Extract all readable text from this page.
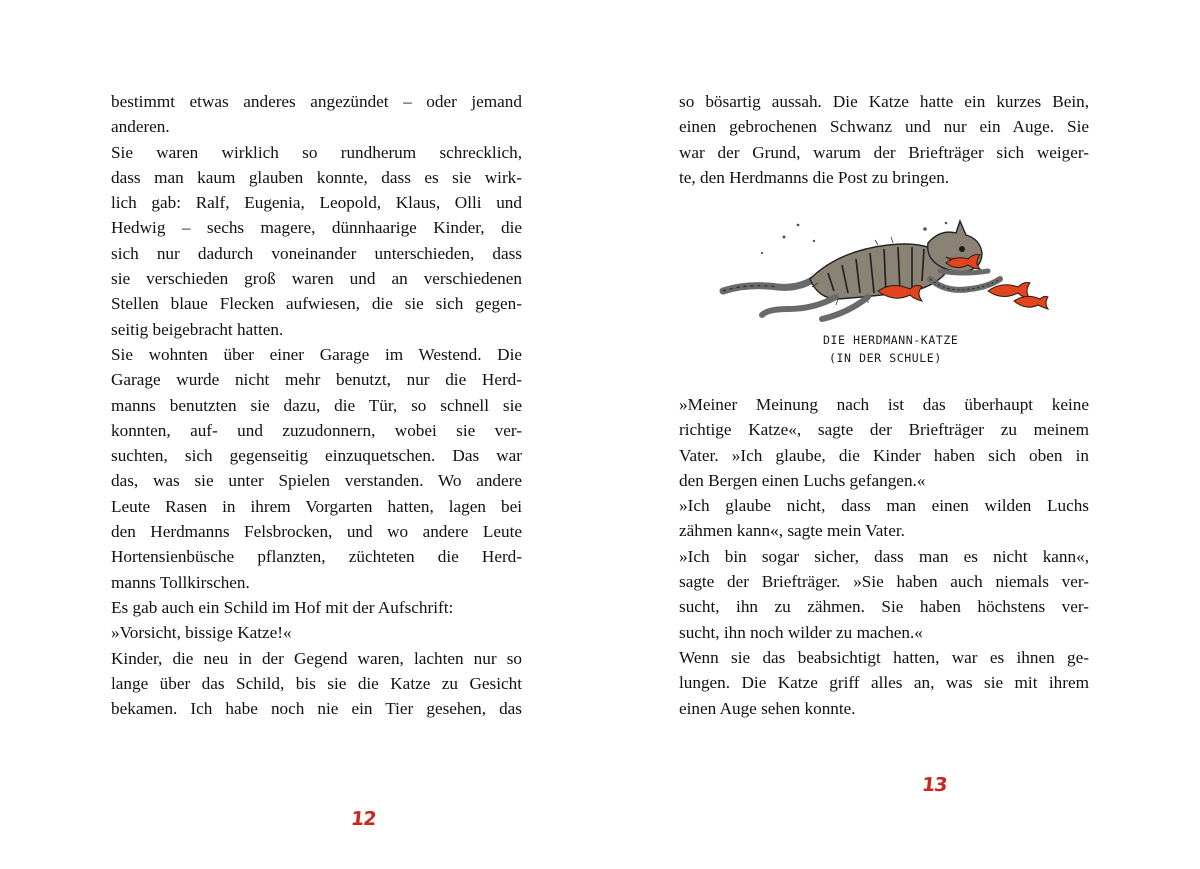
bestimmt etwas anderes angezündet – oder jemand
anderen.
Sie waren wirklich so rundherum schrecklich,
dass man kaum glauben konnte, dass es sie wirk-
lich gab: Ralf, Eugenia, Leopold, Klaus, Olli und
Hedwig – sechs magere, dünnhaarige Kinder, die
sich nur dadurch voneinander unterschieden, dass
sie verschieden groß waren und an verschiedenen
Stellen blaue Flecken aufwiesen, die sie sich gegen-
seitig beigebracht hatten.
Sie wohnten über einer Garage im Westend. Die
Garage wurde nicht mehr benutzt, nur die Herd-
manns benutzten sie dazu, die Tür, so schnell sie
konnten, auf- und zuzudonnern, wobei sie ver-
suchten, sich gegenseitig einzuquetschen. Das war
das, was sie unter Spielen verstanden. Wo andere
Leute Rasen in ihrem Vorgarten hatten, lagen bei
den Herdmanns Felsbrocken, und wo andere Leute
Hortensienbüsche pflanzten, züchteten die Herd-
manns Tollkirschen.
Es gab auch ein Schild im Hof mit der Aufschrift:
»Vorsicht, bissige Katze!«
Kinder, die neu in der Gegend waren, lachten nur so
lange über das Schild, bis sie die Katze zu Gesicht
bekamen. Ich habe noch nie ein Tier gesehen, das
12
so bösartig aussah. Die Katze hatte ein kurzes Bein,
einen gebrochenen Schwanz und nur ein Auge. Sie
war der Grund, warum der Briefträger sich weiger-
te, den Herdmanns die Post zu bringen.
DIE HERDMANN-KATZE
(IN DER SCHULE)
»Meiner Meinung nach ist das überhaupt keine
richtige Katze«, sagte der Briefträger zu meinem
Vater. »Ich glaube, die Kinder haben sich oben in
den Bergen einen Luchs gefangen.«
»Ich glaube nicht, dass man einen wilden Luchs
zähmen kann«, sagte mein Vater.
»Ich bin sogar sicher, dass man es nicht kann«,
sagte der Briefträger. »Sie haben auch niemals ver-
sucht, ihn zu zähmen. Sie haben höchstens ver-
sucht, ihn noch wilder zu machen.«
Wenn sie das beabsichtigt hatten, war es ihnen ge-
lungen. Die Katze griff alles an, was sie mit ihrem
einen Auge sehen konnte.
13
